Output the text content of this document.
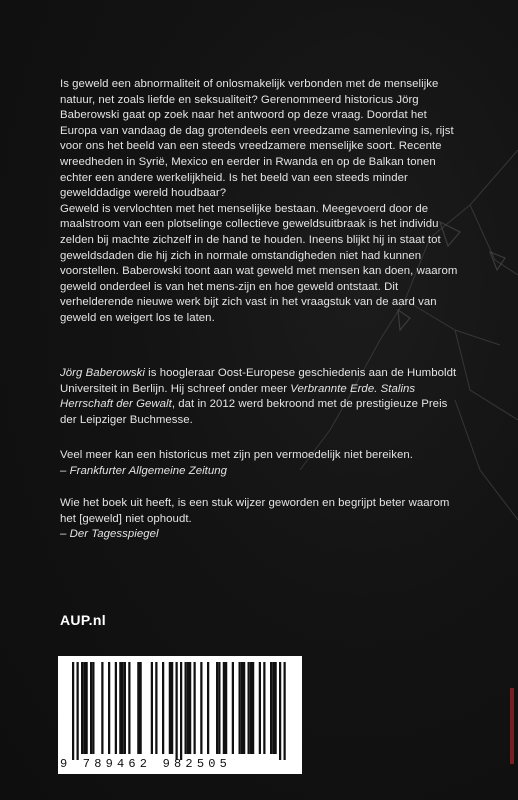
Is geweld een abnormaliteit of onlosmakelijk verbonden met de menselijke natuur, net zoals liefde en seksualiteit? Gerenommeerd historicus Jörg Baberowski gaat op zoek naar het antwoord op deze vraag. Doordat het Europa van vandaag de dag grotendeels een vreedzame samenleving is, rijst voor ons het beeld van een steeds vreedzamere menselijke soort. Recente wreedheden in Syrië, Mexico en eerder in Rwanda en op de Balkan tonen echter een andere werkelijkheid. Is het beeld van een steeds minder gewelddadige wereld houdbaar?

Geweld is vervlochten met het menselijke bestaan. Meegevoerd door de maalstroom van een plotselinge collectieve geweldsuitbraak is het individu zelden bij machte zichzelf in de hand te houden. Ineens blijkt hij in staat tot geweldsdaden die hij zich in normale omstandigheden niet had kunnen voorstellen. Baberowski toont aan wat geweld met mensen kan doen, waarom geweld onderdeel is van het mens-zijn en hoe geweld ontstaat. Dit verhelderende nieuwe werk bijt zich vast in het vraagstuk van de aard van geweld en weigert los te laten.

Jörg Baberowski is hoogleraar Oost-Europese geschiedenis aan de Humboldt Universiteit in Berlijn. Hij schreef onder meer Verbrannte Erde. Stalins Herrschaft der Gewalt, dat in 2012 werd bekroond met de prestigieuze Preis der Leipziger Buchmesse.
Veel meer kan een historicus met zijn pen vermoedelijk niet bereiken.
– Frankfurter Allgemeine Zeitung
Wie het boek uit heeft, is een stuk wijzer geworden en begrijpt beter waarom het [geweld] niet ophoudt.
– Der Tagesspiegel
AUP.nl
9 789462 982505
